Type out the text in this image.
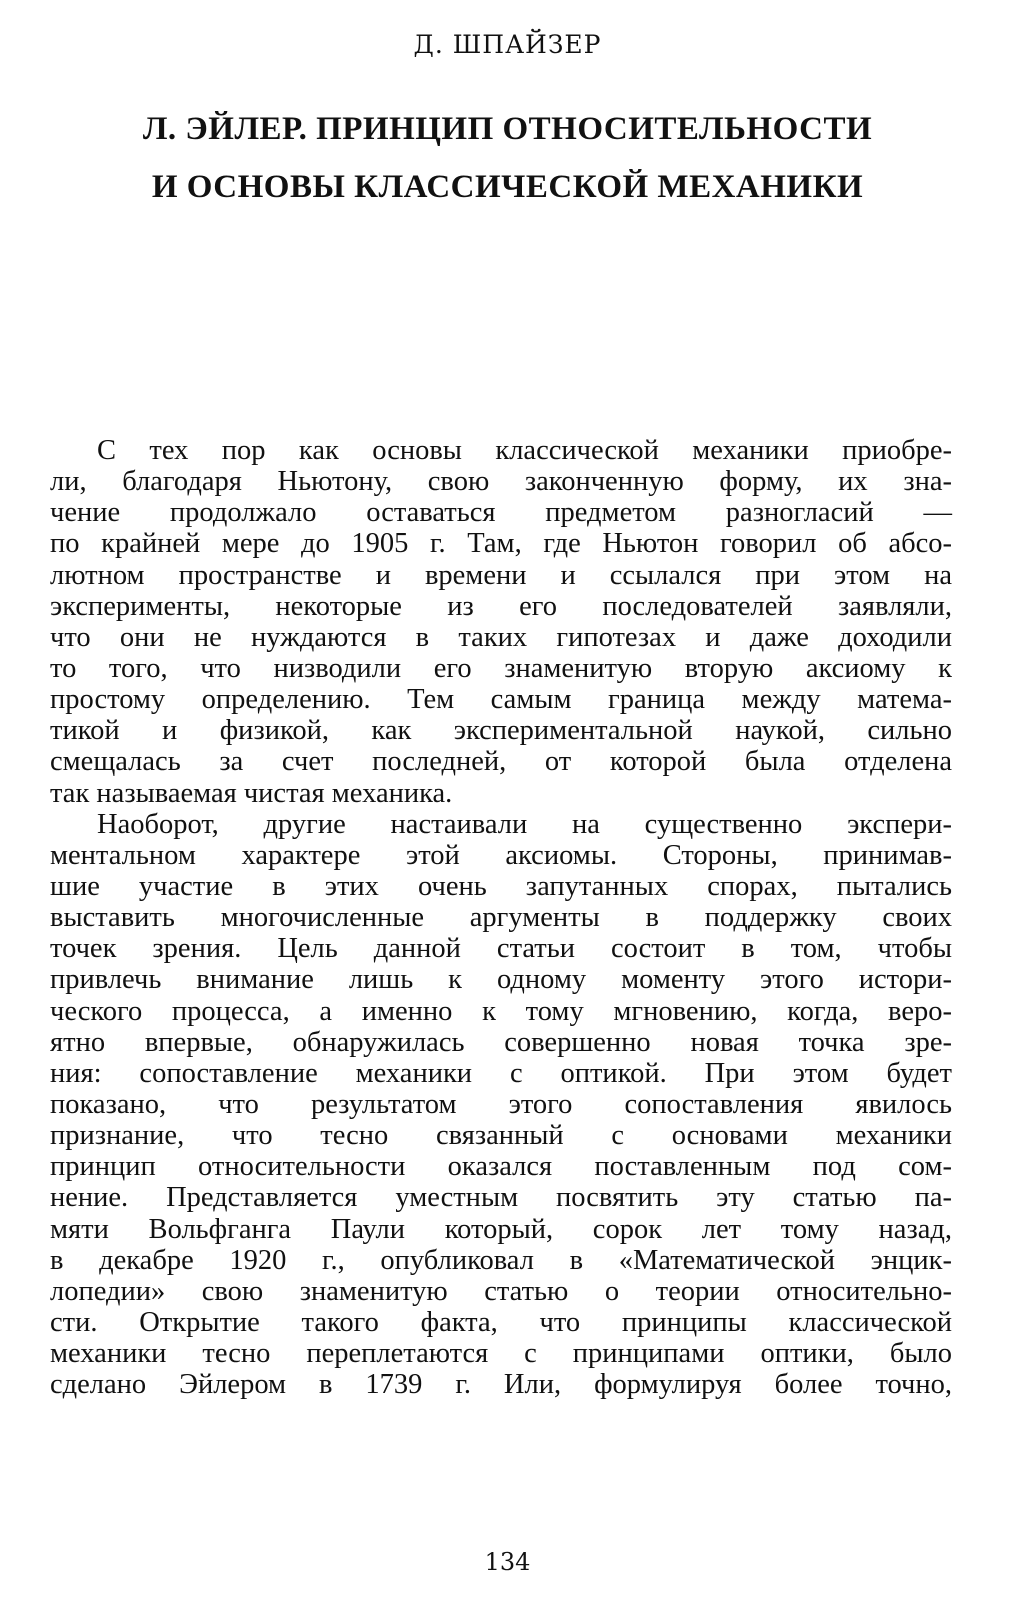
Д. ШПАЙЗЕР
Л. ЭЙЛЕР. ПРИНЦИП ОТНОСИТЕЛЬНОСТИ
И ОСНОВЫ КЛАССИЧЕСКОЙ МЕХАНИКИ
С тех пор как основы классической механики приобре-
ли, благодаря Ньютону, свою законченную форму, их зна-
чение продолжало оставаться предметом разногласий —
по крайней мере до 1905 г. Там, где Ньютон говорил об абсо-
лютном пространстве и времени и ссылался при этом на
эксперименты, некоторые из его последователей заявляли,
что они не нуждаются в таких гипотезах и даже доходили
то того, что низводили его знаменитую вторую аксиому к
простому определению. Тем самым граница между матема-
тикой и физикой, как экспериментальной наукой, сильно
смещалась за счет последней, от которой была отделена
так называемая чистая механика.
Наоборот, другие настаивали на существенно экспери-
ментальном характере этой аксиомы. Стороны, принимав-
шие участие в этих очень запутанных спорах, пытались
выставить многочисленные аргументы в поддержку своих
точек зрения. Цель данной статьи состоит в том, чтобы
привлечь внимание лишь к одному моменту этого истори-
ческого процесса, а именно к тому мгновению, когда, веро-
ятно впервые, обнаружилась совершенно новая точка зре-
ния: сопоставление механики с оптикой. При этом будет
показано, что результатом этого сопоставления явилось
признание, что тесно связанный с основами механики
принцип относительности оказался поставленным под сом-
нение. Представляется уместным посвятить эту статью па-
мяти Вольфганга Паули который, сорок лет тому назад,
в декабре 1920 г., опубликовал в «Математической энцик-
лопедии» свою знаменитую статью о теории относительно-
сти. Открытие такого факта, что принципы классической
механики тесно переплетаются с принципами оптики, было
сделано Эйлером в 1739 г. Или, формулируя более точно,
134
